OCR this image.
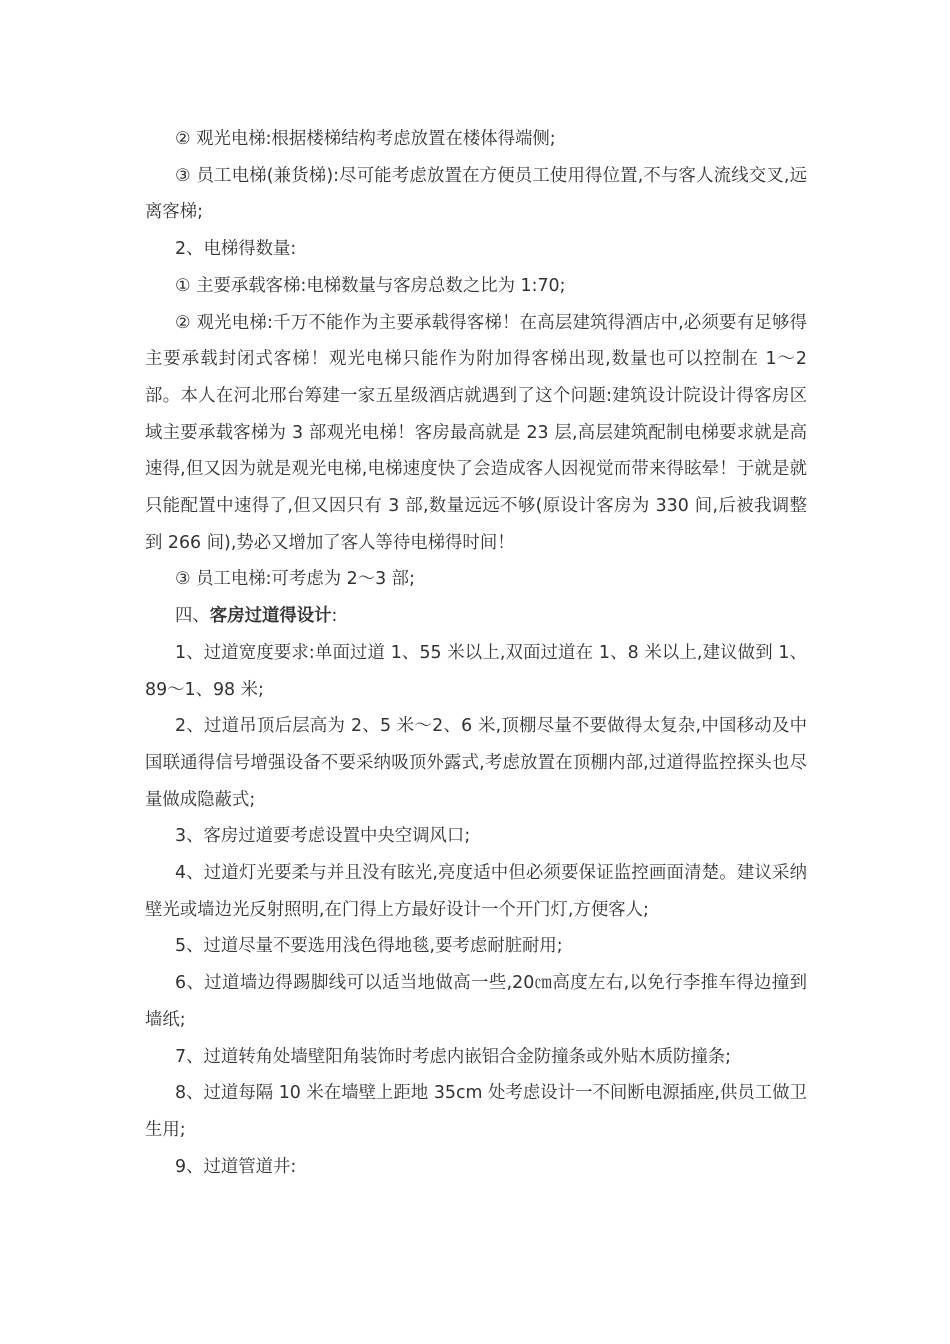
② 观光电梯:根据楼梯结构考虑放置在楼体得端侧;

③ 员工电梯(兼货梯):尽可能考虑放置在方便员工使用得位置,不与客人流线交叉,远离客梯;

2、电梯得数量:

① 主要承载客梯:电梯数量与客房总数之比为 1:70;

② 观光电梯:千万不能作为主要承载得客梯！在高层建筑得酒店中,必须要有足够得主要承载封闭式客梯！观光电梯只能作为附加得客梯出现,数量也可以控制在 1～2 部。本人在河北邢台筹建一家五星级酒店就遇到了这个问题:建筑设计院设计得客房区域主要承载客梯为 3 部观光电梯！客房最高就是 23 层,高层建筑配制电梯要求就是高速得,但又因为就是观光电梯,电梯速度快了会造成客人因视觉而带来得眩晕！于就是就只能配置中速得了,但又因只有 3 部,数量远远不够(原设计客房为 330 间,后被我调整到 266 间),势必又增加了客人等待电梯得时间！

③ 员工电梯:可考虑为 2～3 部;

四、客房过道得设计:

1、过道宽度要求:单面过道 1、55 米以上,双面过道在 1、8 米以上,建议做到 1、89～1、98 米;

2、过道吊顶后层高为 2、5 米～2、6 米,顶棚尽量不要做得太复杂,中国移动及中国联通得信号增强设备不要采纳吸顶外露式,考虑放置在顶棚内部,过道得监控探头也尽量做成隐蔽式;

3、客房过道要考虑设置中央空调风口;

4、过道灯光要柔与并且没有眩光,亮度适中但必须要保证监控画面清楚。建议采纳壁光或墙边光反射照明,在门得上方最好设计一个开门灯,方便客人;

5、过道尽量不要选用浅色得地毯,要考虑耐脏耐用;

6、过道墙边得踢脚线可以适当地做高一些,20㎝高度左右,以免行李推车得边撞到墙纸;

7、过道转角处墙壁阳角装饰时考虑内嵌铝合金防撞条或外贴木质防撞条;

8、过道每隔 10 米在墙壁上距地 35cm 处考虑设计一不间断电源插座,供员工做卫生用;

9、过道管道井:
